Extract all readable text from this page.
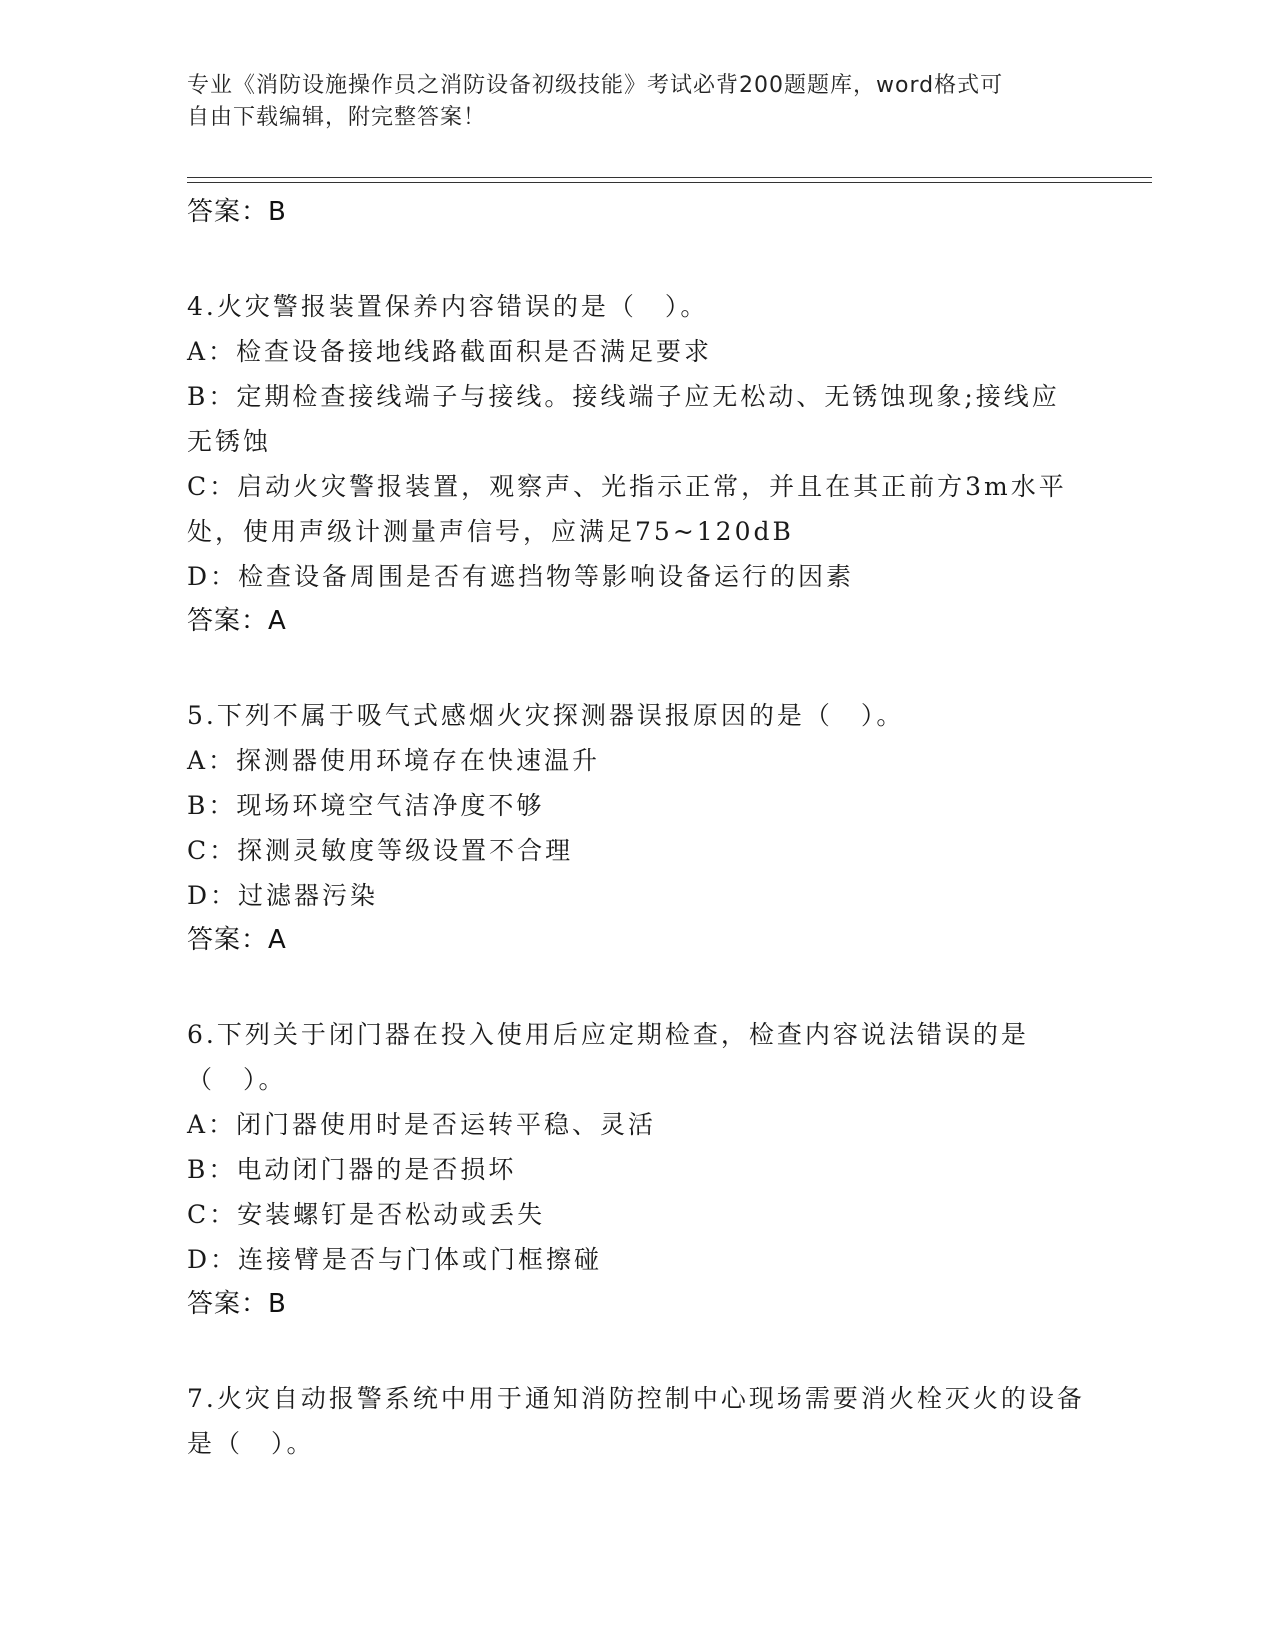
专业《消防设施操作员之消防设备初级技能》考试必背200题题库，word格式可
自由下载编辑，附完整答案！
答案：B
4.火灾警报装置保养内容错误的是（　）。
A：检查设备接地线路截面积是否满足要求
B：定期检查接线端子与接线。接线端子应无松动、无锈蚀现象;接线应无锈蚀
C：启动火灾警报装置，观察声、光指示正常，并且在其正前方3m水平处，使用声级计测量声信号，应满足75~120dB
D：检查设备周围是否有遮挡物等影响设备运行的因素
答案：A
5.下列不属于吸气式感烟火灾探测器误报原因的是（　）。
A：探测器使用环境存在快速温升
B：现场环境空气洁净度不够
C：探测灵敏度等级设置不合理
D：过滤器污染
答案：A
6.下列关于闭门器在投入使用后应定期检查，检查内容说法错误的是（　）。
A：闭门器使用时是否运转平稳、灵活
B：电动闭门器的是否损坏
C：安装螺钉是否松动或丢失
D：连接臂是否与门体或门框擦碰
答案：B
7.火灾自动报警系统中用于通知消防控制中心现场需要消火栓灭火的设备是（　）。
